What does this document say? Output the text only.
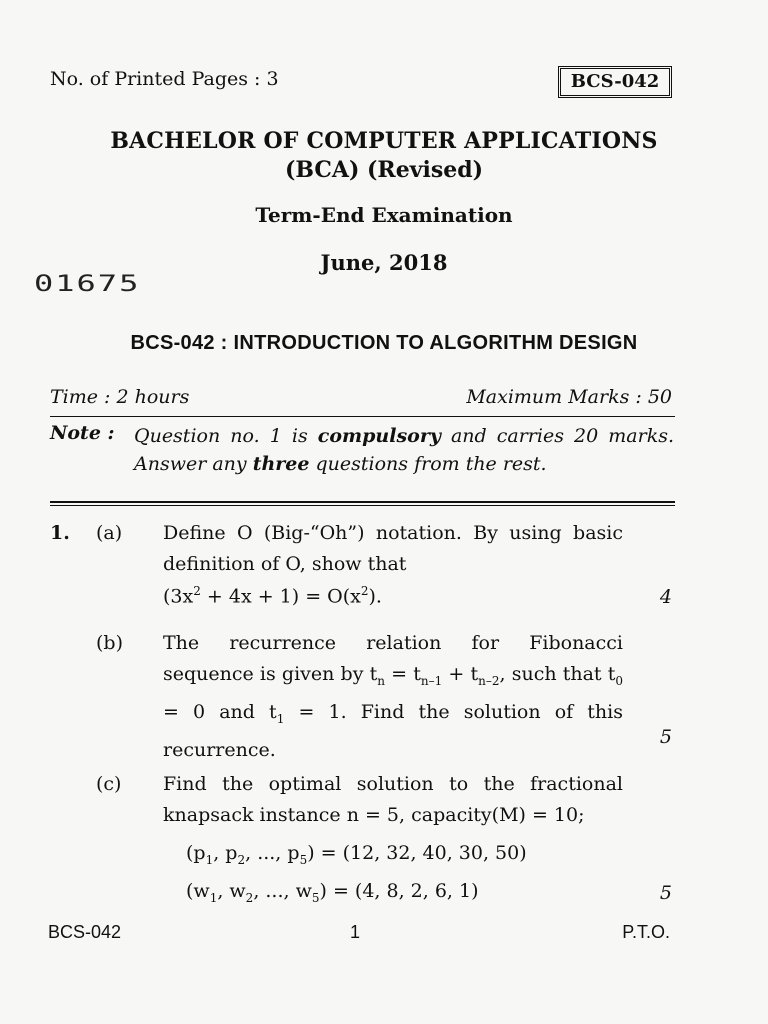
No. of Printed Pages : 3	BCS-042
BACHELOR OF COMPUTER APPLICATIONS
(BCA) (Revised)
Term-End Examination
June, 2018
01675
BCS-042 : INTRODUCTION TO ALGORITHM DESIGN
Time : 2 hours	Maximum Marks : 50
Note : Question no. 1 is compulsory and carries 20 marks. Answer any three questions from the rest.
1. (a) Define O (Big-“Oh”) notation. By using basic definition of O, show that
$(3x^2 + 4x + 1) = O(x^2)$.	4
(b) The recurrence relation for Fibonacci sequence is given by $t_n = t_{n-1} + t_{n-2}$, such that $t_0 = 0$ and $t_1 = 1$. Find the solution of this recurrence.
5
(c) Find the optimal solution to the fractional knapsack instance n = 5, capacity(M) = 10;
($p_1$, $p_2$, ..., $p_5) = (12$, 32, 40, 30, 50)
($w_1$, $w_2$, ..., $w_5) = (4$, 8, 2, 6, 1)	5
BCS-042	1	P.T.O.
